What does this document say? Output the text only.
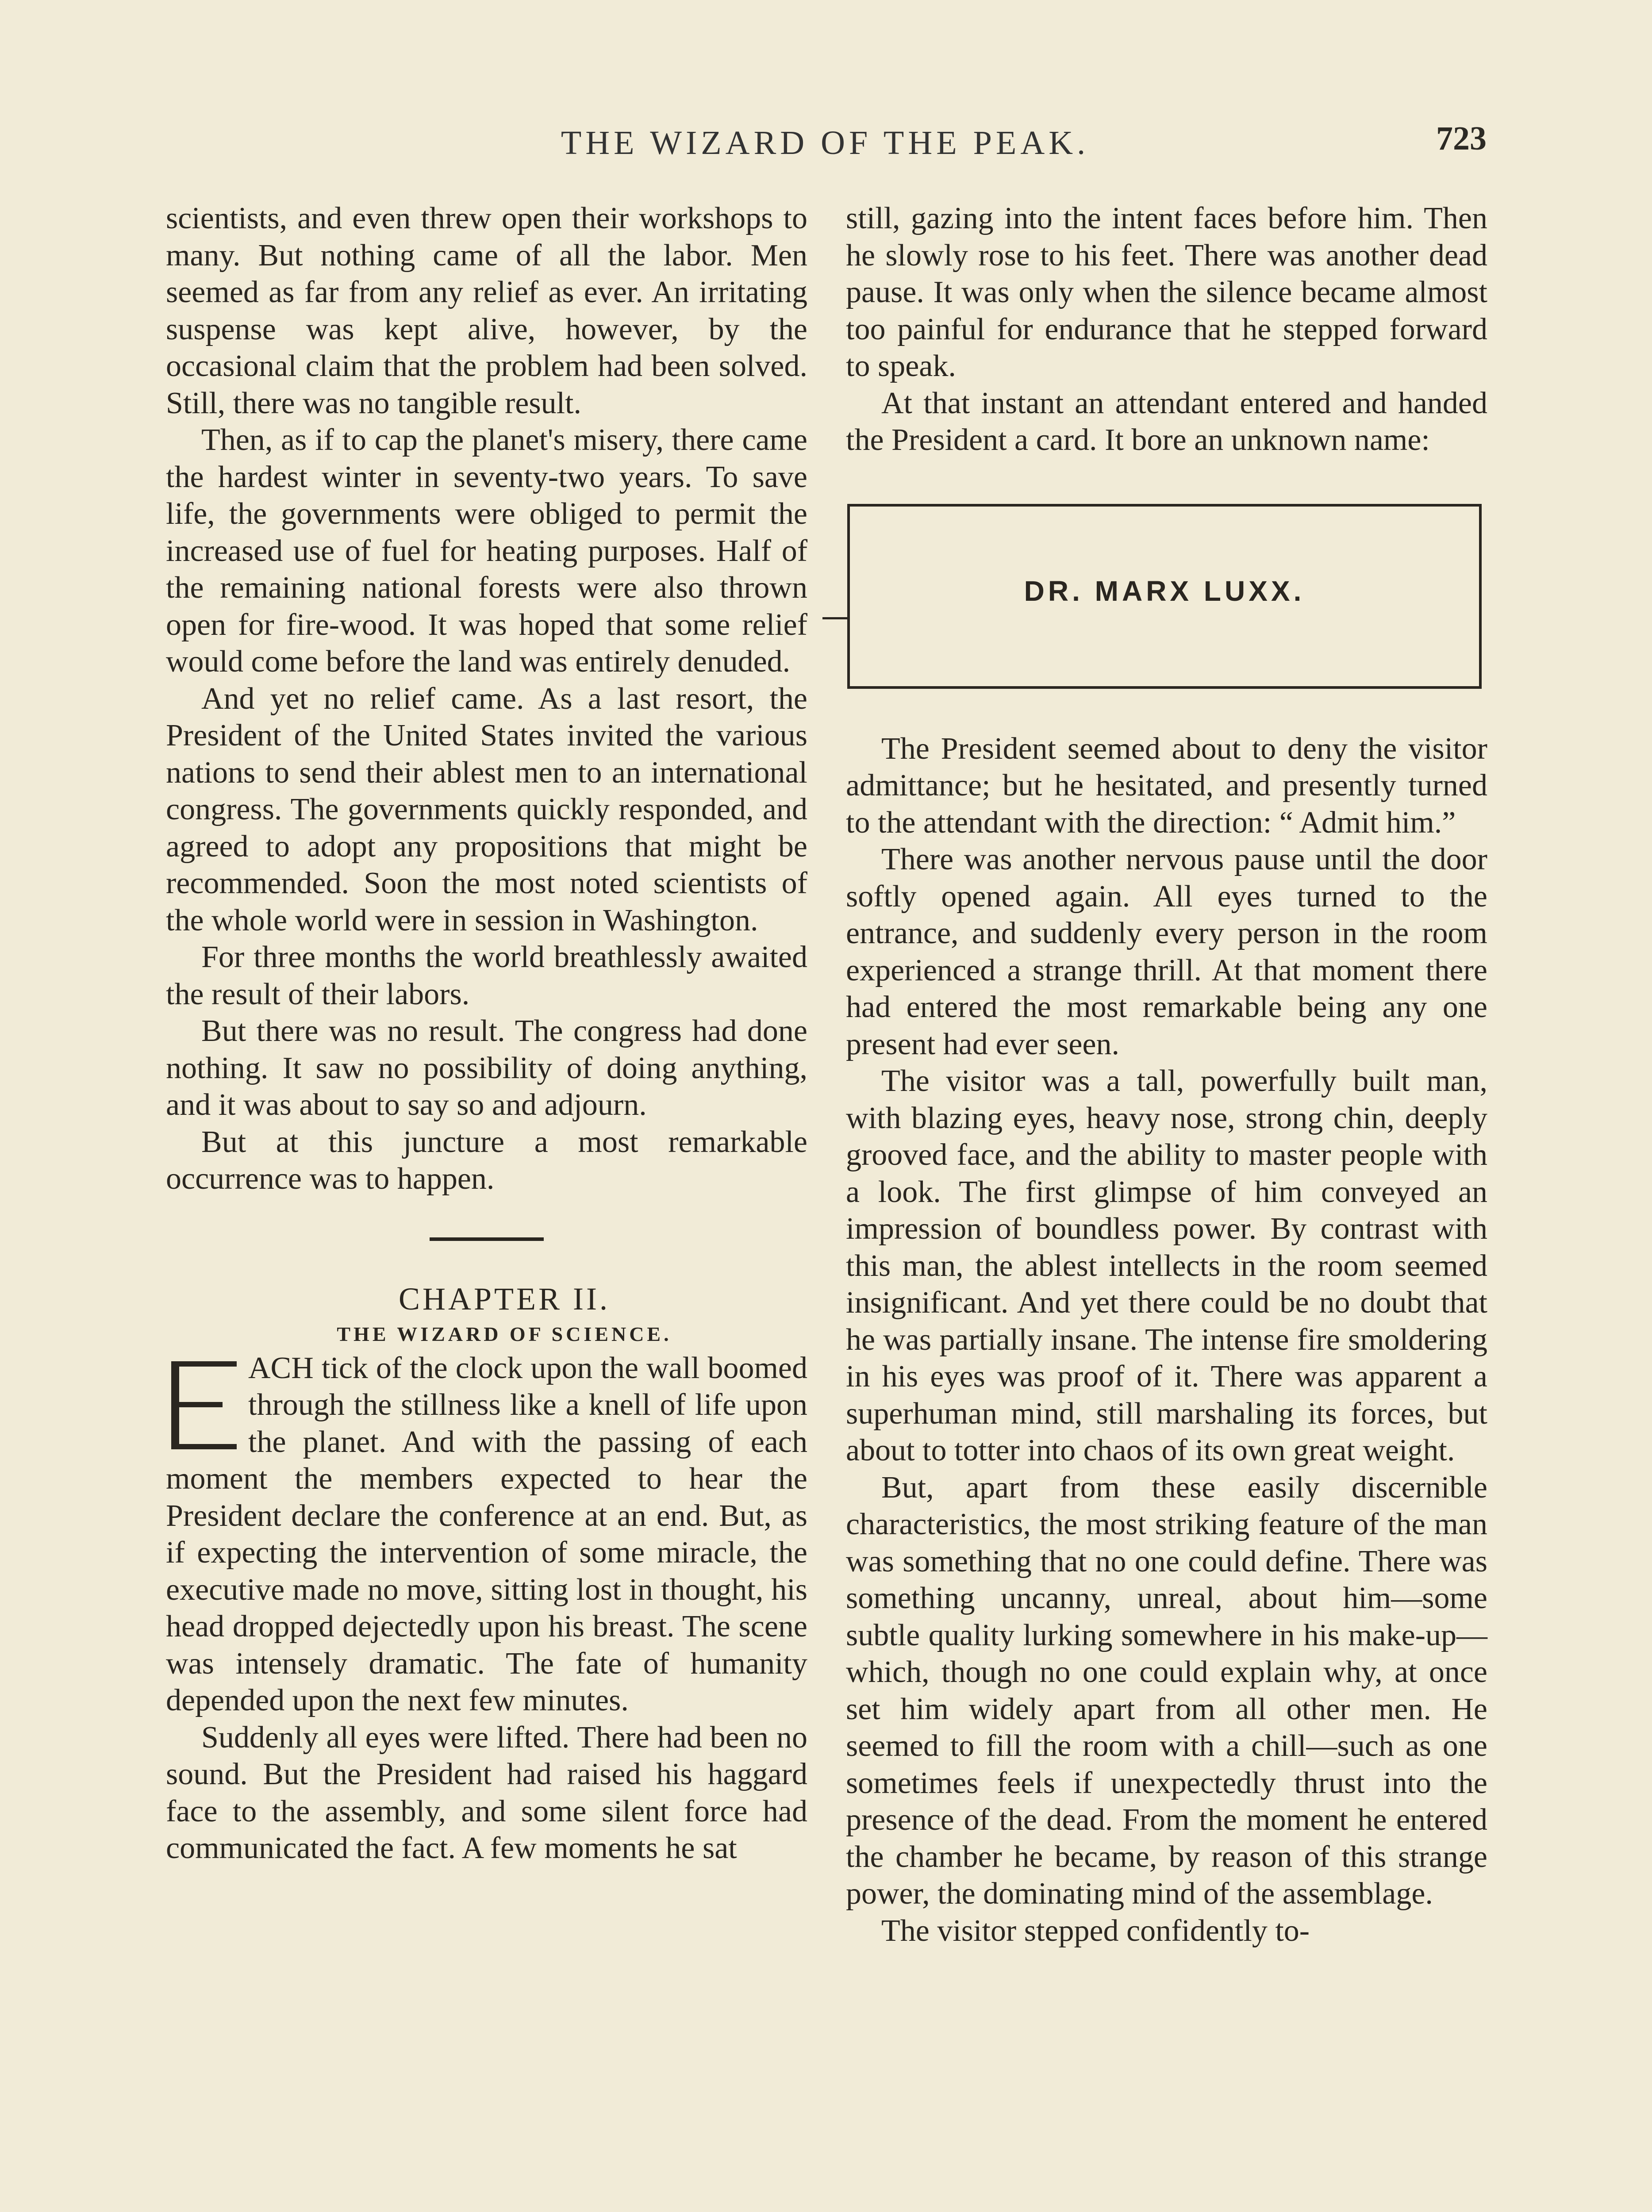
THE WIZARD OF THE PEAK.	723

scientists, and even threw open their workshops to many. But nothing came of all the labor. Men seemed as far from any relief as ever. An irritating suspense was kept alive, however, by the occasional claim that the problem had been solved. Still, there was no tangible result.

Then, as if to cap the planet's misery, there came the hardest winter in seventy-two years. To save life, the governments were obliged to permit the increased use of fuel for heating purposes. Half of the remaining national forests were also thrown open for fire-wood. It was hoped that some relief would come before the land was entirely denuded.

And yet no relief came. As a last resort, the President of the United States invited the various nations to send their ablest men to an international congress. The governments quickly responded, and agreed to adopt any propositions that might be recommended. Soon the most noted scientists of the whole world were in session in Washington.

For three months the world breathlessly awaited the result of their labors.

But there was no result. The congress had done nothing. It saw no possibility of doing anything, and it was about to say so and adjourn.

But at this juncture a most remarkable occurrence was to happen.

CHAPTER II.

THE WIZARD OF SCIENCE.

ACH tick of the clock upon the wall boomed through the stillness like a knell of life upon the planet. And with the passing of each moment the members expected to hear the President declare the conference at an end. But, as if expecting the intervention of some miracle, the executive made no move, sitting lost in thought, his head dropped dejectedly upon his breast. The scene was intensely dramatic. The fate of humanity depended upon the next few minutes.

Suddenly all eyes were lifted. There had been no sound. But the President had raised his haggard face to the assembly, and some silent force had communicated the fact. A few moments he sat

still, gazing into the intent faces before him. Then he slowly rose to his feet. There was another dead pause. It was only when the silence became almost too painful for endurance that he stepped forward to speak.

At that instant an attendant entered and handed the President a card. It bore an unknown name:

DR. MARX LUXX.

The President seemed about to deny the visitor admittance; but he hesitated, and presently turned to the attendant with the direction: “ Admit him.”

There was another nervous pause until the door softly opened again. All eyes turned to the entrance, and suddenly every person in the room experienced a strange thrill. At that moment there had entered the most remarkable being any one present had ever seen.

The visitor was a tall, powerfully built man, with blazing eyes, heavy nose, strong chin, deeply grooved face, and the ability to master people with a look. The first glimpse of him conveyed an impression of boundless power. By contrast with this man, the ablest intellects in the room seemed insignificant. And yet there could be no doubt that he was partially insane. The intense fire smoldering in his eyes was proof of it. There was apparent a superhuman mind, still marshaling its forces, but about to totter into chaos of its own great weight.

But, apart from these easily discernible characteristics, the most striking feature of the man was something that no one could define. There was something uncanny, unreal, about him—some subtle quality lurking somewhere in his make-up—which, though no one could explain why, at once set him widely apart from all other men. He seemed to fill the room with a chill—such as one sometimes feels if unexpectedly thrust into the presence of the dead. From the moment he entered the chamber he became, by reason of this strange power, the dominating mind of the assemblage.

The visitor stepped confidently to-
